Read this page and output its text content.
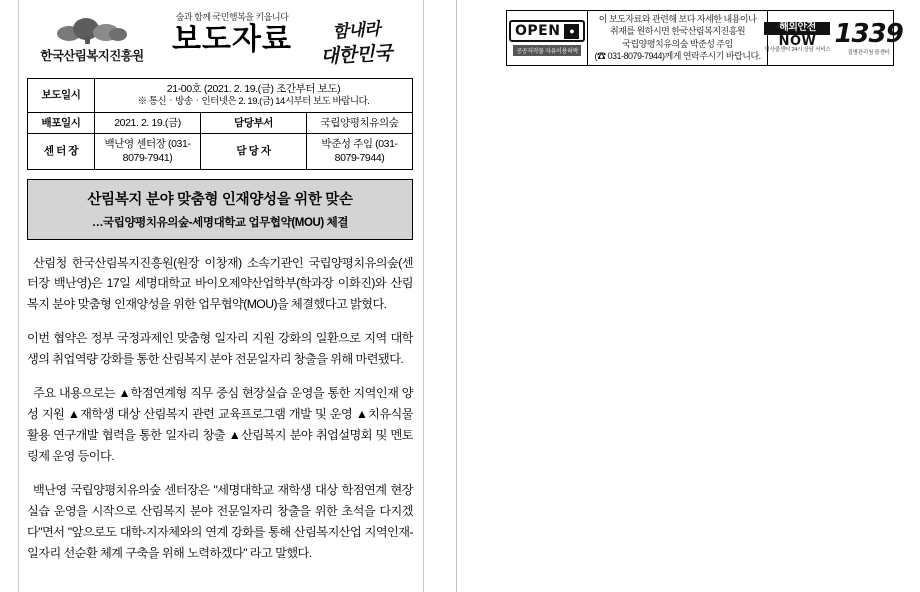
한국산림복지진흥원
숲과 함께 국민행복을 키웁니다
보도자료	함내라
대한민국
보도일시	21-00호 (2021. 2. 19.(금) 조간부터 보도)
※ 통신‧방송‧인터넷은 2. 19.(금) 14시부터 보도 바랍니다.		

배포일시	2021. 2. 19.(금)	담당부서	국립양평치유의숲
센 터 장	백난영 센터장 (031-8079-7941)	담 당 자	박준성 주임 (031-8079-7944)
산림복지 분야 맞춤형 인재양성을 위한 맞손
…국립양평치유의숲-세명대학교 업무협약(MOU) 체결

산림청 한국산림복지진흥원(원장 이창재) 소속기관인 국립양평치유의숲(센터장 백난영)은 17일 세명대학교 바이오제약산업학부(학과장 이화진)와 산림복지 분야 맞춤형 인재양성을 위한 업무협약(MOU)을 체결했다고 밝혔다.

이번 협약은 정부 국정과제인 맞춤형 일자리 지원 강화의 일환으로 지역 대학생의 취업역량 강화를 통한 산림복지 분야 전문일자리 창출을 위해 마련됐다.

주요 내용으로는 ▲학점연계형 직무 중심 현장실습 운영을 통한 지역인재 양성 지원 ▲재학생 대상 산림복지 관련 교육프로그램 개발 및 운영 ▲치유식물 활용 연구개발 협력을 통한 일자리 창출 ▲산림복지 분야 취업설명회 및 멘토링제 운영 등이다.

백난영 국립양평치유의숲 센터장은 "세명대학교 재학생 대상 학점연계 현장실습 운영을 시작으로 산림복지 분야 전문일자리 창출을 위한 초석을 다지겠다"면서 "앞으로도 대학-지자체와의 연계 강화를 통해 산림복지산업 지역인재-일자리 선순환 체계 구축을 위해 노력하겠다" 라고 말했다.

OPEN ●
공공저작물 자유이용허락
이 보도자료와 관련해 보다 자세한 내용이나
취재를 원하시면 한국산림복지진흥원
국립양평치유의숲 박준성 주임
(☎ 031-8079-7944)께게 연락주시기 바랍니다.
해외안전
NOW
영사콜센터 24시 상담 서비스
1339
질병관리청 콜센터
